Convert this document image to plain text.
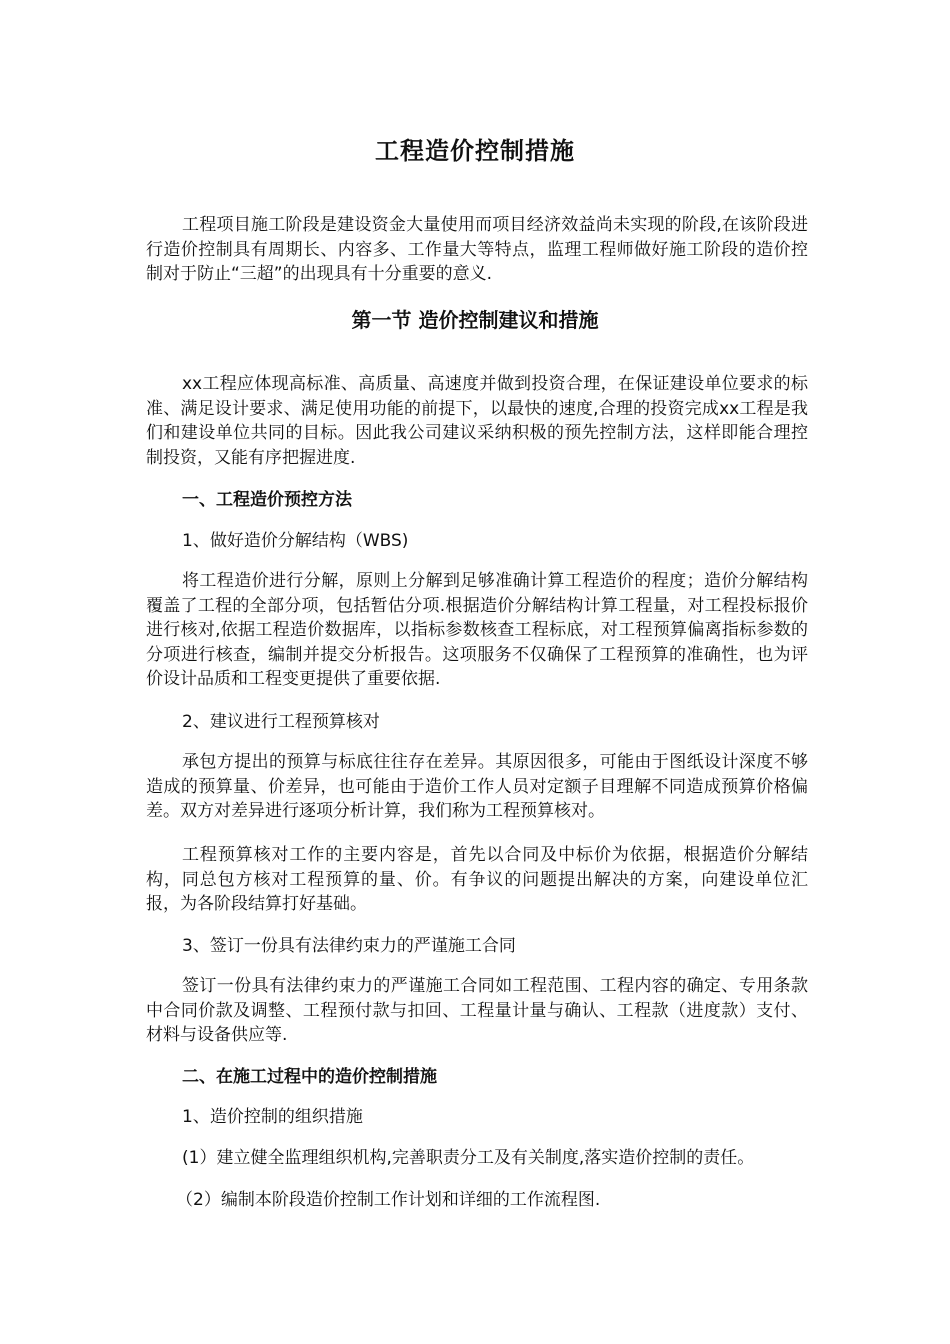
工程造价控制措施

工程项目施工阶段是建设资金大量使用而项目经济效益尚未实现的阶段,在该阶段进行造价控制具有周期长、内容多、工作量大等特点，监理工程师做好施工阶段的造价控制对于防止“三超”的出现具有十分重要的意义.

第一节 造价控制建议和措施

xx工程应体现高标准、高质量、高速度并做到投资合理，在保证建设单位要求的标准、满足设计要求、满足使用功能的前提下，以最快的速度,合理的投资完成xx工程是我们和建设单位共同的目标。因此我公司建议采纳积极的预先控制方法，这样即能合理控制投资，又能有序把握进度.

一、工程造价预控方法

1、做好造价分解结构（WBS)

将工程造价进行分解，原则上分解到足够准确计算工程造价的程度；造价分解结构覆盖了工程的全部分项，包括暂估分项.根据造价分解结构计算工程量，对工程投标报价进行核对,依据工程造价数据库，以指标参数核查工程标底，对工程预算偏离指标参数的分项进行核查，编制并提交分析报告。这项服务不仅确保了工程预算的准确性，也为评价设计品质和工程变更提供了重要依据.

2、建议进行工程预算核对

承包方提出的预算与标底往往存在差异。其原因很多，可能由于图纸设计深度不够造成的预算量、价差异，也可能由于造价工作人员对定额子目理解不同造成预算价格偏差。双方对差异进行逐项分析计算，我们称为工程预算核对。

工程预算核对工作的主要内容是，首先以合同及中标价为依据，根据造价分解结构，同总包方核对工程预算的量、价。有争议的问题提出解决的方案，向建设单位汇报，为各阶段结算打好基础。

3、签订一份具有法律约束力的严谨施工合同

签订一份具有法律约束力的严谨施工合同如工程范围、工程内容的确定、专用条款中合同价款及调整、工程预付款与扣回、工程量计量与确认、工程款（进度款）支付、材料与设备供应等.

二、在施工过程中的造价控制措施

1、造价控制的组织措施

(1）建立健全监理组织机构,完善职责分工及有关制度,落实造价控制的责任。

（2）编制本阶段造价控制工作计划和详细的工作流程图.
